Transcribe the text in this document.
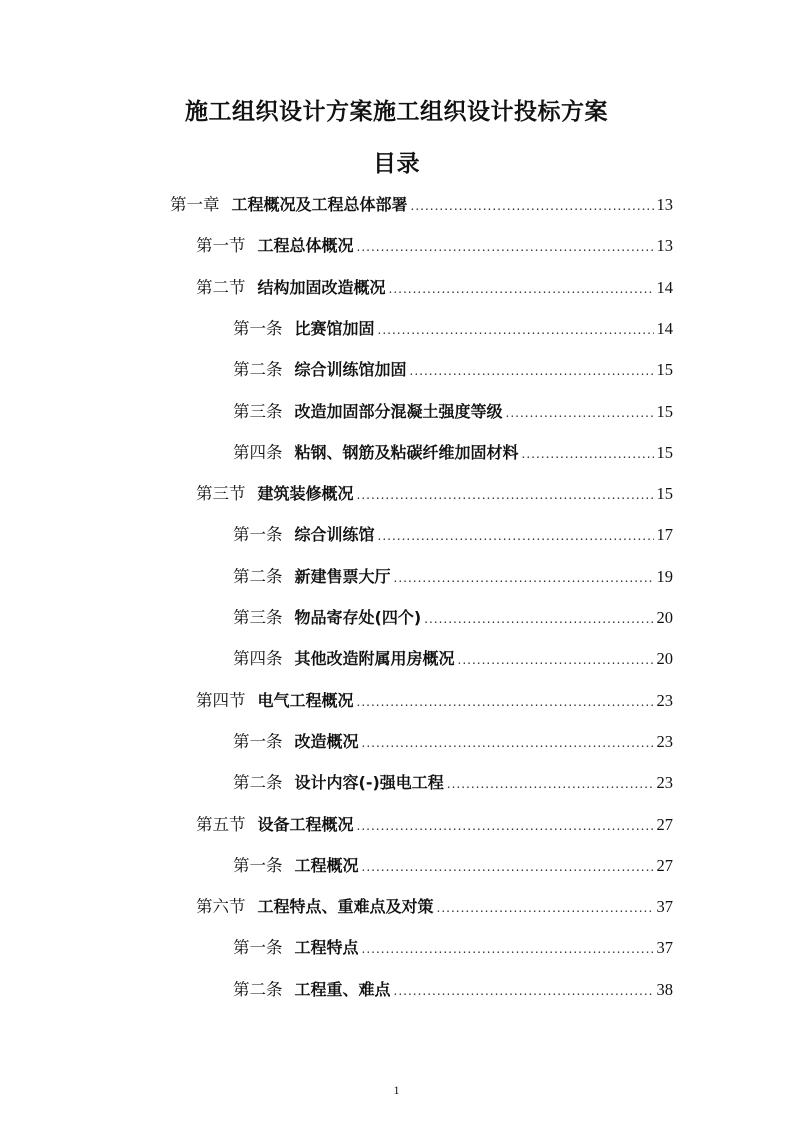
施工组织设计方案施工组织设计投标方案
目录
第一章 工程概况及工程总体部署 .....	13
第一节 工程总体概况 .....	13
第二节 结构加固改造概况 .....	14
第一条 比赛馆加固 .....	14
第二条 综合训练馆加固 .....	15
第三条 改造加固部分混凝土强度等级 .....	15
第四条 粘钢、钢筋及粘碳纤维加固材料 .....	15
第三节 建筑装修概况 .....	15
第一条 综合训练馆 .....	17
第二条 新建售票大厅 .....	19
第三条 物品寄存处(四个) .....	20
第四条 其他改造附属用房概况 .....	20
第四节 电气工程概况 .....	23
第一条 改造概况 .....	23
第二条 设计内容(-)强电工程 .....	23
第五节 设备工程概况 .....	27
第一条 工程概况 .....	27
第六节 工程特点、重难点及对策 .....	37
第一条 工程特点 .....	37
第二条 工程重、难点 .....	38
1
